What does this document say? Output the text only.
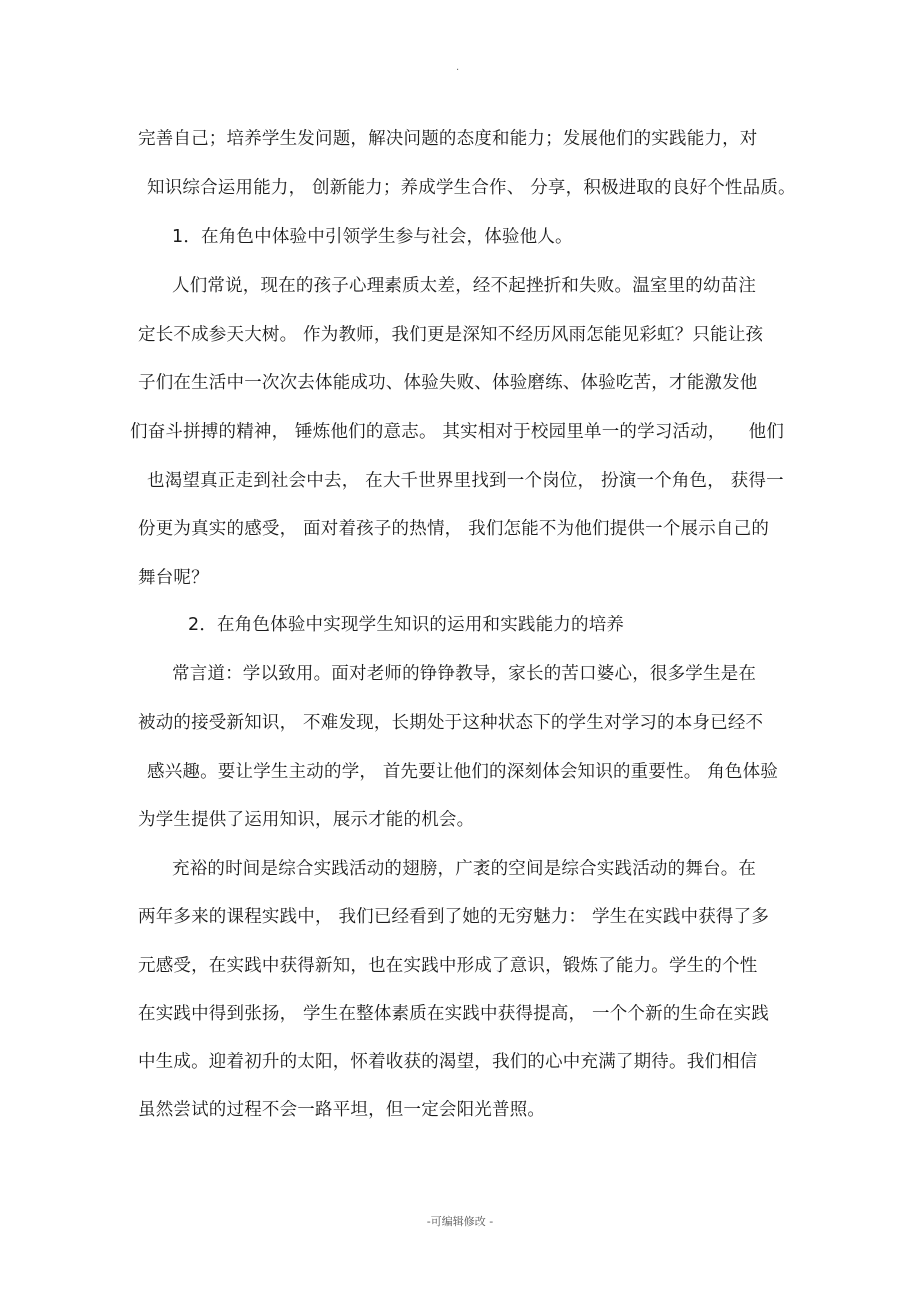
.
完善自己；培养学生发问题，解决问题的态度和能力；发展他们的实践能力，对
知识综合运用能力， 创新能力；养成学生合作、 分享，积极进取的良好个性品质。
1．在角色中体验中引领学生参与社会，体验他人。
人们常说，现在的孩子心理素质太差，经不起挫折和失败。温室里的幼苗注
定长不成参天大树。 作为教师，我们更是深知不经历风雨怎能见彩虹？只能让孩
子们在生活中一次次去体能成功、体验失败、体验磨练、体验吃苦，才能激发他
们奋斗拼搏的精神， 锤炼他们的意志。 其实相对于校园里单一的学习活动，    他们
也渴望真正走到社会中去， 在大千世界里找到一个岗位， 扮演一个角色， 获得一
份更为真实的感受， 面对着孩子的热情， 我们怎能不为他们提供一个展示自己的
舞台呢？
2．在角色体验中实现学生知识的运用和实践能力的培养
常言道：学以致用。面对老师的铮铮教导，家长的苦口婆心，很多学生是在
被动的接受新知识， 不难发现，长期处于这种状态下的学生对学习的本身已经不
感兴趣。要让学生主动的学， 首先要让他们的深刻体会知识的重要性。 角色体验
为学生提供了运用知识，展示才能的机会。
充裕的时间是综合实践活动的翅膀，广袤的空间是综合实践活动的舞台。在
两年多来的课程实践中， 我们已经看到了她的无穷魅力： 学生在实践中获得了多
元感受，在实践中获得新知，也在实践中形成了意识，锻炼了能力。学生的个性
在实践中得到张扬， 学生在整体素质在实践中获得提高， 一个个新的生命在实践
中生成。迎着初升的太阳，怀着收获的渴望，我们的心中充满了期待。我们相信
虽然尝试的过程不会一路平坦，但一定会阳光普照。
-可编辑修改 -
